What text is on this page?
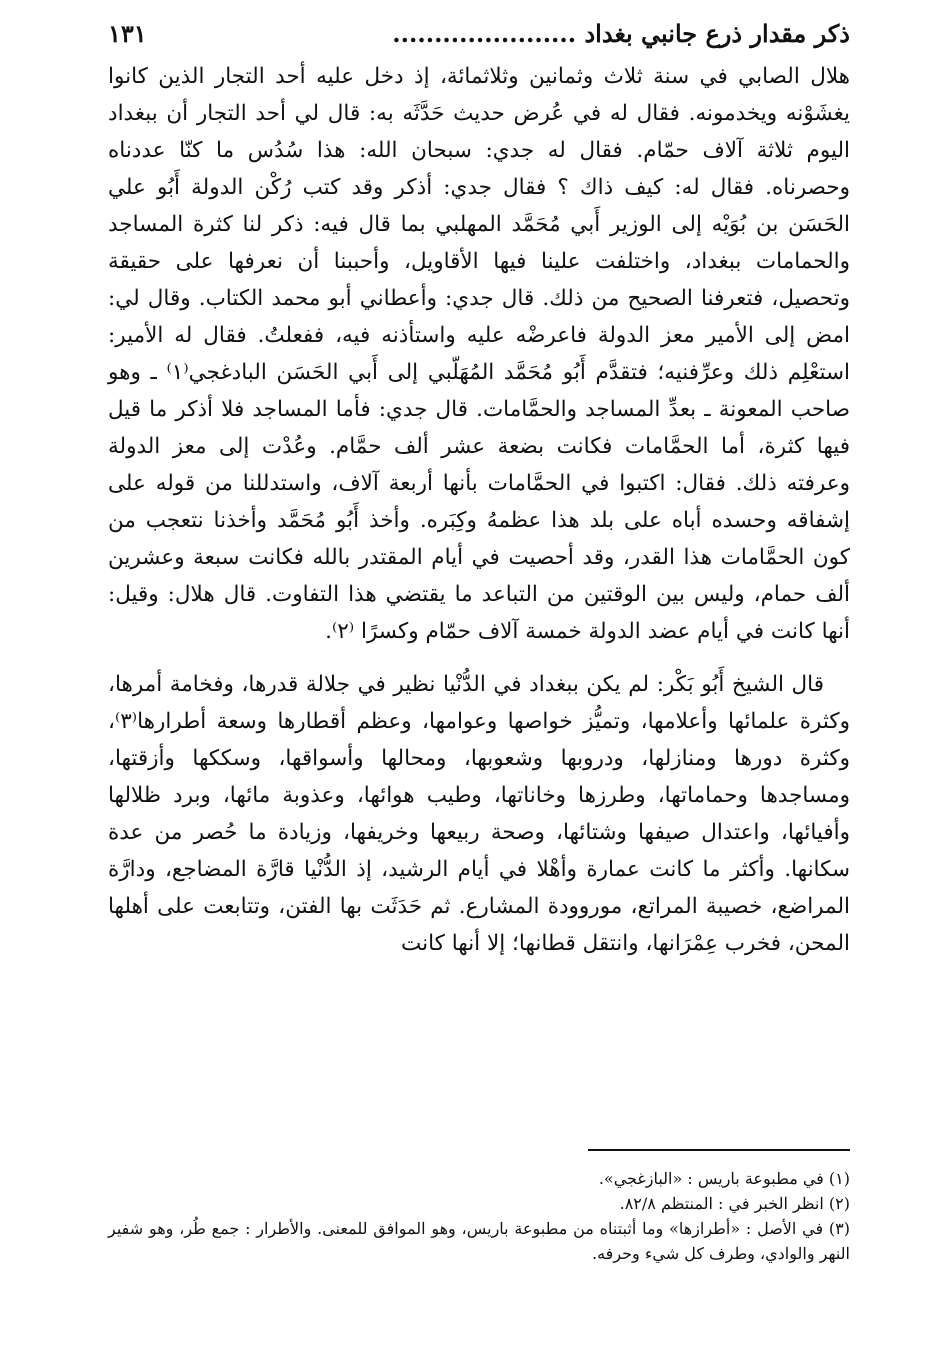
ذكر مقدار ذرع جانبي بغداد ......................
١٣١

هلال الصابي في سنة ثلاث وثمانين وثلاثمائة، إذ دخل عليه أحد التجار الذين كانوا يغشَوْنه ويخدمونه. فقال له في عُرض حديث حَدَّثَه به: قال لي أحد التجار أن ببغداد اليوم ثلاثة آلاف حمّام. فقال له جدي: سبحان الله: هذا سُدُس ما كنّا عددناه وحصرناه. فقال له: كيف ذاك ؟ فقال جدي: أذكر وقد كتب رُكْن الدولة أَبُو علي الحَسَن بن بُوَيْه إلى الوزير أَبي مُحَمَّد المهلبي بما قال فيه: ذكر لنا كثرة المساجد والحمامات ببغداد، واختلفت علينا فيها الأقاويل، وأحببنا أن نعرفها على حقيقة وتحصيل، فتعرفنا الصحيح من ذلك. قال جدي: وأعطاني أبو محمد الكتاب. وقال لي: امض إلى الأمير معز الدولة فاعرضْه عليه واستأذنه فيه، ففعلتُ. فقال له الأمير: استعْلِم ذلك وعرِّفنيه؛ فتقدَّم أَبُو مُحَمَّد المُهَلّبي إلى أَبي الحَسَن البادغجي⁽١⁾ ـ وهو صاحب المعونة ـ بعدِّ المساجد والحمَّامات. قال جدي: فأما المساجد فلا أذكر ما قيل فيها كثرة، أما الحمَّامات فكانت بضعة عشر ألف حمَّام. وعُدْت إلى معز الدولة وعرفته ذلك. فقال: اكتبوا في الحمَّامات بأنها أربعة آلاف، واستدللنا من قوله على إشفاقه وحسده أباه على بلد هذا عظمهُ وكِبَره. وأخذ أَبُو مُحَمَّد وأخذنا نتعجب من كون الحمَّامات هذا القدر، وقد أحصيت في أيام المقتدر بالله فكانت سبعة وعشرين ألف حمام، وليس بين الوقتين من التباعد ما يقتضي هذا التفاوت. قال هلال: وقيل: أنها كانت في أيام عضد الدولة خمسة آلاف حمّام وكسرًا ⁽٢⁾.

قال الشيخ أَبُو بَكْر: لم يكن ببغداد في الدُّنْيا نظير في جلالة قدرها، وفخامة أمرها، وكثرة علمائها وأعلامها، وتميُّز خواصها وعوامها، وعظم أقطارها وسعة أطرارها⁽٣⁾، وكثرة دورها ومنازلها، ودروبها وشعوبها، ومحالها وأسواقها، وسككها وأزقتها، ومساجدها وحماماتها، وطرزها وخاناتها، وطيب هوائها، وعذوبة مائها، وبرد ظلالها وأفيائها، واعتدال صيفها وشتائها، وصحة ربيعها وخريفها، وزيادة ما حُصر من عدة سكانها. وأكثر ما كانت عمارة وأهْلا في أيام الرشيد، إذ الدُّنْيا قارَّة المضاجع، ودارَّة المراضع، خصيبة المراتع، موروودة المشارع. ثم حَدَثَت بها الفتن، وتتابعت على أهلها المحن، فخرب عِمْرَانها، وانتقل قطانها؛ إلا أنها كانت

(١) في مطبوعة باريس : «البازغجي».

(٢) انظر الخبر في : المنتظم ٨٢/٨.

(٣) في الأصل : «أطرازها» وما أثبتناه من مطبوعة باريس، وهو الموافق للمعنى. والأطرار : جمع طُر، وهو شفير النهر والوادي، وطرف كل شيء وحرفه.
